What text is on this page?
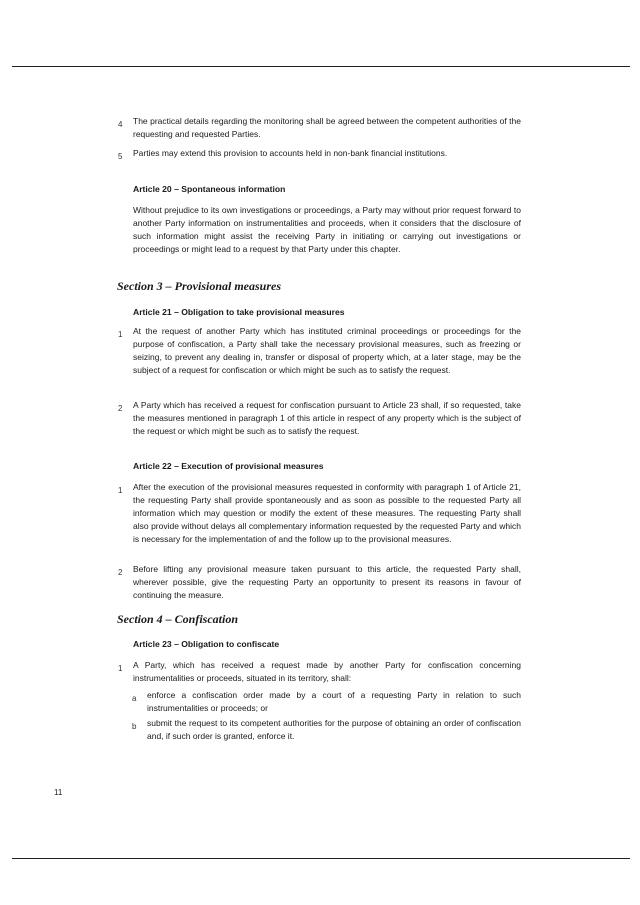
4 The practical details regarding the monitoring shall be agreed between the competent authorities of the requesting and requested Parties.

5 Parties may extend this provision to accounts held in non-bank financial institutions.

Article 20 – Spontaneous information

Without prejudice to its own investigations or proceedings, a Party may without prior request forward to another Party information on instrumentalities and proceeds, when it considers that the disclosure of such information might assist the receiving Party in initiating or carrying out investigations or proceedings or might lead to a request by that Party under this chapter.

Section 3 – Provisional measures
Article 21 – Obligation to take provisional measures
1 At the request of another Party which has instituted criminal proceedings or proceedings for the purpose of confiscation, a Party shall take the necessary provisional measures, such as freezing or seizing, to prevent any dealing in, transfer or disposal of property which, at a later stage, may be the subject of a request for confiscation or which might be such as to satisfy the request.

2 A Party which has received a request for confiscation pursuant to Article 23 shall, if so requested, take the measures mentioned in paragraph 1 of this article in respect of any property which is the subject of the request or which might be such as to satisfy the request.

Article 22 – Execution of provisional measures
1 After the execution of the provisional measures requested in conformity with paragraph 1 of Article 21, the requesting Party shall provide spontaneously and as soon as possible to the requested Party all information which may question or modify the extent of these measures. The requesting Party shall also provide without delays all complementary information requested by the requested Party and which is necessary for the implementation of and the follow up to the provisional measures.

2 Before lifting any provisional measure taken pursuant to this article, the requested Party shall, wherever possible, give the requesting Party an opportunity to present its reasons in favour of continuing the measure.

Section 4 – Confiscation
Article 23 – Obligation to confiscate
1 A Party, which has received a request made by another Party for confiscation concerning instrumentalities or proceeds, situated in its territory, shall:

a enforce a confiscation order made by a court of a requesting Party in relation to such instrumentalities or proceeds; or

b submit the request to its competent authorities for the purpose of obtaining an order of confiscation and, if such order is granted, enforce it.

11
